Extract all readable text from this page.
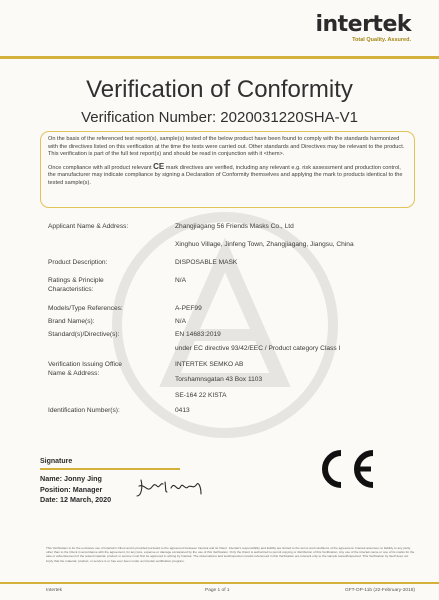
intertek
Total Quality. Assured.
Verification of Conformity
Verification Number: 2020031220SHA-V1

On the basis of the referenced test report(s), sample(s) tested of the below product have been found to comply with the standards harmonized with the directives listed on this verification at the time the tests were carried out. Other standards and Directives may be relevant to the product. This verification is part of the full test report(s) and should be read in conjunction with it <them>.

Once compliance with all product relevant CE mark directives are verified, including any relevant e.g. risk assessment and production control, the manufacturer may indicate compliance by signing a Declaration of Conformity themselves and applying the mark to products identical to the tested sample(s).

Applicant Name & Address:	Zhangjiagang 56 Friends Masks Co., Ltd
Xinghuo Village, Jinfeng Town, Zhangjiagang, Jiangsu, China
Product Description:	DISPOSABLE MASK
Ratings & Principle Characteristics:
N/A
Models/Type References:	A-PEF99
Brand Name(s):	N/A
Standard(s)/Directive(s):	EN 14683:2019
under EC directive 93/42/EEC / Product category Class I
Verification Issuing Office Name & Address:
INTERTEK SEMKO AB
Torshamnsgatan 43 Box 1103
SE-164 22 KISTA
Identification Number(s):	0413
Signature
Name: Jonny Jing
Position: Manager
Date: 12 March, 2020
This Verification is for the exclusive use of Intertek's Client and is provided pursuant to the agreement between Intertek and its Client. Intertek's responsibility and liability are limited to the terms and conditions of the agreement. Intertek assumes no liability to any party, other than to the Client in accordance with the agreement, for any loss, expense or damage occasioned by the use of this Verification. Only the Client is authorized to permit copying or distribution of this Verification. Any use of the Intertek name or one of its marks for the sale or advertisement of the tested material, product or service must first be approved in writing by Intertek. The observations and test/inspection results referenced in this Verification are relevant only to the sample tested/inspected. This Verification by itself does not imply that the material, product, or service is or has ever been under an Intertek certification program.
Intertek	Page 1 of 1	GFT-OP-11b (22-February-2018)
